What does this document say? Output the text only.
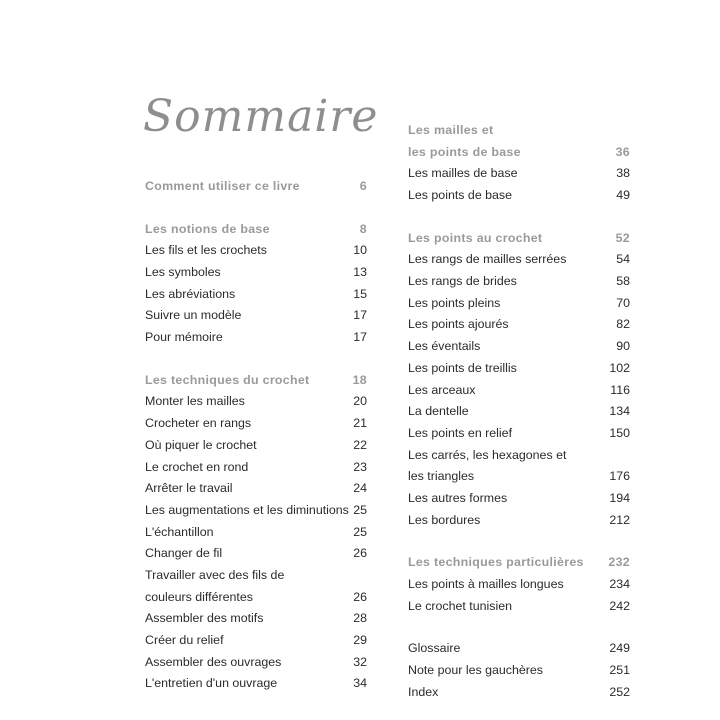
Sommaire
Comment utiliser ce livre	6
Les notions de base	8
Les fils et les crochets	10
Les symboles	13
Les abréviations	15
Suivre un modèle	17
Pour mémoire	17
Les techniques du crochet	18
Monter les mailles	20
Crocheter en rangs	21
Où piquer le crochet	22
Le crochet en rond	23
Arrêter le travail	24
Les augmentations et les diminutions 25
L'échantillon	25
Changer de fil	26
Travailler avec des fils de
couleurs différentes	26
Assembler des motifs	28
Créer du relief	29
Assembler des ouvrages	32
L'entretien d'un ouvrage	34
Les mailles et
les points de base	36
Les mailles de base	38
Les points de base	49
Les points au crochet	52
Les rangs de mailles serrées	54
Les rangs de brides	58
Les points pleins	70
Les points ajourés	82
Les éventails	90
Les points de treillis	102
Les arceaux	116
La dentelle	134
Les points en relief	150
Les carrés, les hexagones et
les triangles	176
Les autres formes	194
Les bordures	212
Les techniques particulières	232
Les points à mailles longues	234
Le crochet tunisien	242
Glossaire	249
Note pour les gauchères	251
Index	252
